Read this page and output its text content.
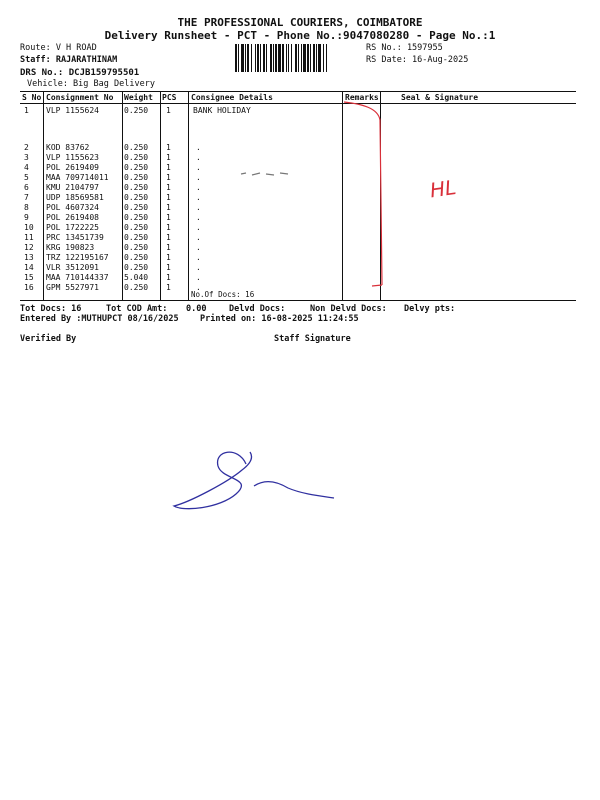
THE PROFESSIONAL COURIERS, COIMBATORE
Delivery Runsheet - PCT - Phone No.:9047080280 - Page No.:1
Route: V H ROAD
Staff: RAJARATHINAM
DRS No.: DCJB159795501
Vehicle: Big Bag Delivery
RS No.: 1597955
RS Date: 16-Aug-2025
S No Consignment No Weight PCS Consignee Details	Remarks	Seal & Signature
1 VLP 1155624	0.250 1	BANK HOLIDAY
2 KOD 83762	0.250 1	.
3 VLP 1155623	0.250 1	.
4 POL 2619409	0.250 1	.
5 MAA 709714011 0.250 1	.
6 KMU 2104797	0.250 1	.
7 UDP 18569581	0.250 1	.
8 POL 4607324	0.250 1	.
9 POL 2619408	0.250 1	.
10 POL 1722225	0.250 1	.
11 PRC 13451739	0.250 1	.
12 KRG 190823	0.250 1	.
13 TRZ 122195167 0.250 1	.
14 VLR 3512091	0.250 1	.
15 MAA 710144337 5.040 1	.
16 GPM 5527971	0.250 1	.
No.Of Docs: 16
Tot Docs: 16	Tot COD Amt: 0.00	Delvd Docs:	Non Delvd Docs: Delvy pts:
Entered By :MUTHUPCT 08/16/2025	Printed on: 16-08-2025 11:24:55
Verified By	Staff Signature
HL
